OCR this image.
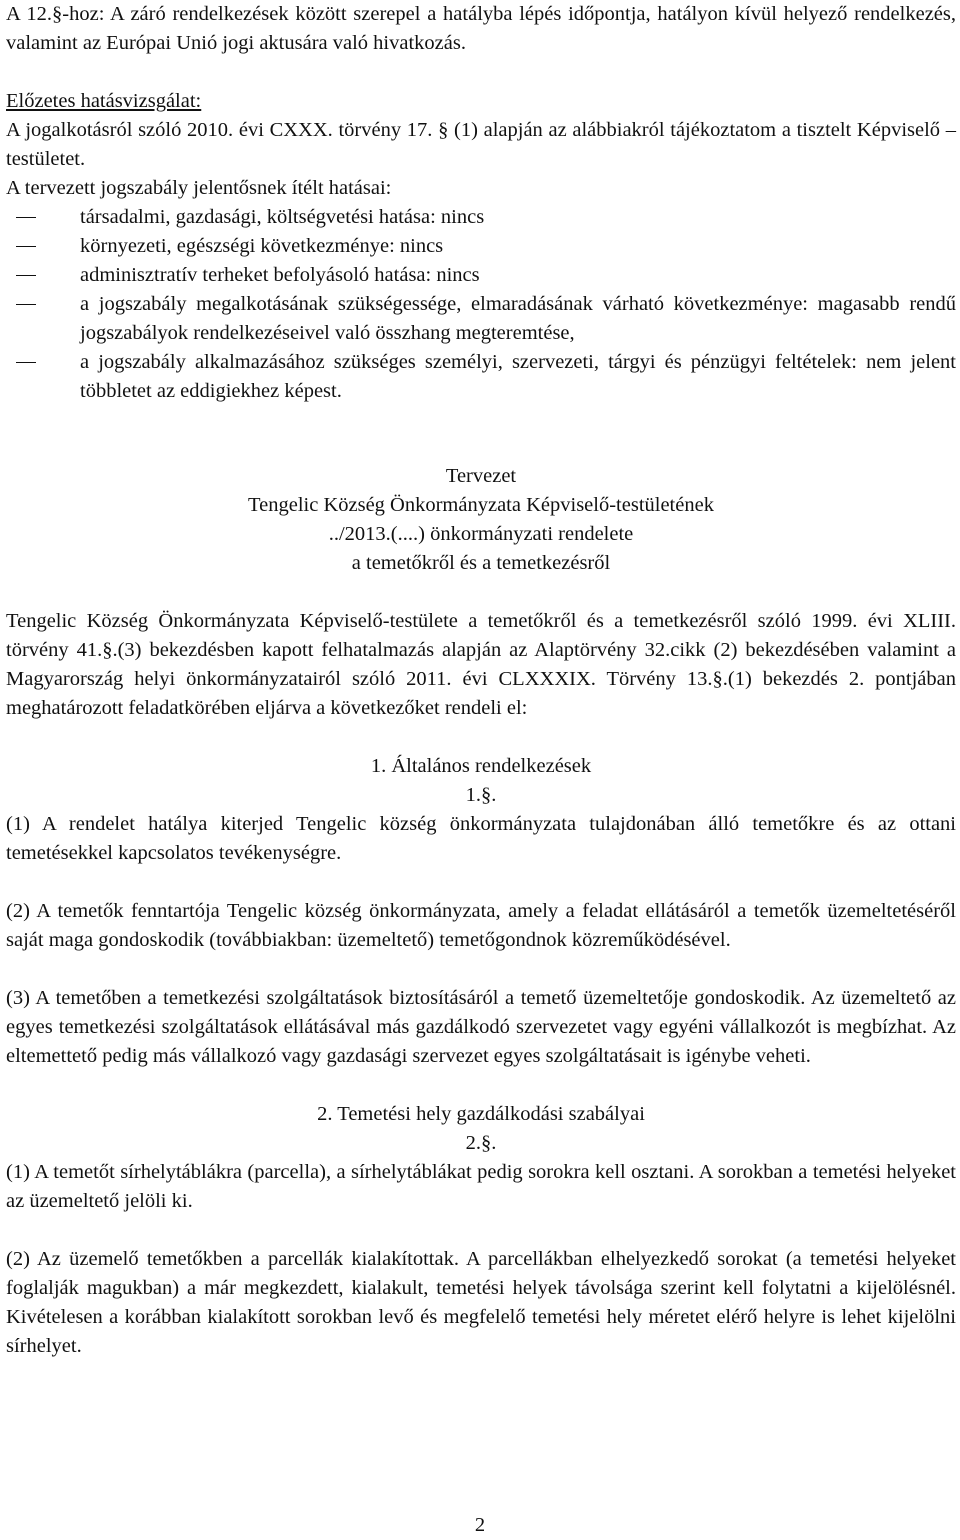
A 12.§-hoz: A záró rendelkezések között szerepel a hatályba lépés időpontja, hatályon kívül helyező rendelkezés, valamint az Európai Unió jogi aktusára való hivatkozás.

Előzetes hatásvizsgálat:

A jogalkotásról szóló 2010. évi CXXX. törvény 17. § (1) alapján az alábbiakról tájékoztatom a tisztelt Képviselő – testületet.

A tervezett jogszabály jelentősnek ítélt hatásai:

társadalmi, gazdasági, költségvetési hatása: nincs
környezeti, egészségi következménye: nincs
adminisztratív terheket befolyásoló hatása: nincs
a jogszabály megalkotásának szükségessége, elmaradásának várható következménye: magasabb rendű jogszabályok rendelkezéseivel való összhang megteremtése,
a jogszabály alkalmazásához szükséges személyi, szervezeti, tárgyi és pénzügyi feltételek: nem jelent többletet az eddigiekhez képest.

Tervezet

Tengelic Község Önkormányzata Képviselő-testületének

../2013.(....) önkormányzati rendelete

a temetőkről és a temetkezésről

Tengelic Község Önkormányzata Képviselő-testülete a temetőkről és a temetkezésről szóló 1999. évi XLIII. törvény 41.§.(3) bekezdésben kapott felhatalmazás alapján az Alaptörvény 32.cikk (2) bekezdésében valamint a Magyarország helyi önkormányzatairól szóló 2011. évi CLXXXIX. Törvény 13.§.(1) bekezdés 2. pontjában meghatározott feladatkörében eljárva a következőket rendeli el:

1. Általános rendelkezések

1.§.

(1) A rendelet hatálya kiterjed Tengelic község önkormányzata tulajdonában álló temetőkre és az ottani temetésekkel kapcsolatos tevékenységre.

(2) A temetők fenntartója Tengelic község önkormányzata, amely a feladat ellátásáról a temetők üzemeltetéséről saját maga gondoskodik (továbbiakban: üzemeltető) temetőgondnok közreműködésével.

(3) A temetőben a temetkezési szolgáltatások biztosításáról a temető üzemeltetője gondoskodik. Az üzemeltető az egyes temetkezési szolgáltatások ellátásával más gazdálkodó szervezetet vagy egyéni vállalkozót is megbízhat. Az eltemettető pedig más vállalkozó vagy gazdasági szervezet egyes szolgáltatásait is igénybe veheti.

2. Temetési hely gazdálkodási szabályai

2.§.

(1) A temetőt sírhelytáblákra (parcella), a sírhelytáblákat pedig sorokra kell osztani. A sorokban a temetési helyeket az üzemeltető jelöli ki.

(2) Az üzemelő temetőkben a parcellák kialakítottak. A parcellákban elhelyezkedő sorokat (a temetési helyeket foglalják magukban) a már megkezdett, kialakult, temetési helyek távolsága szerint kell folytatni a kijelölésnél. Kivételesen a korábban kialakított sorokban levő és megfelelő temetési hely méretet elérő helyre is lehet kijelölni sírhelyet.

2
